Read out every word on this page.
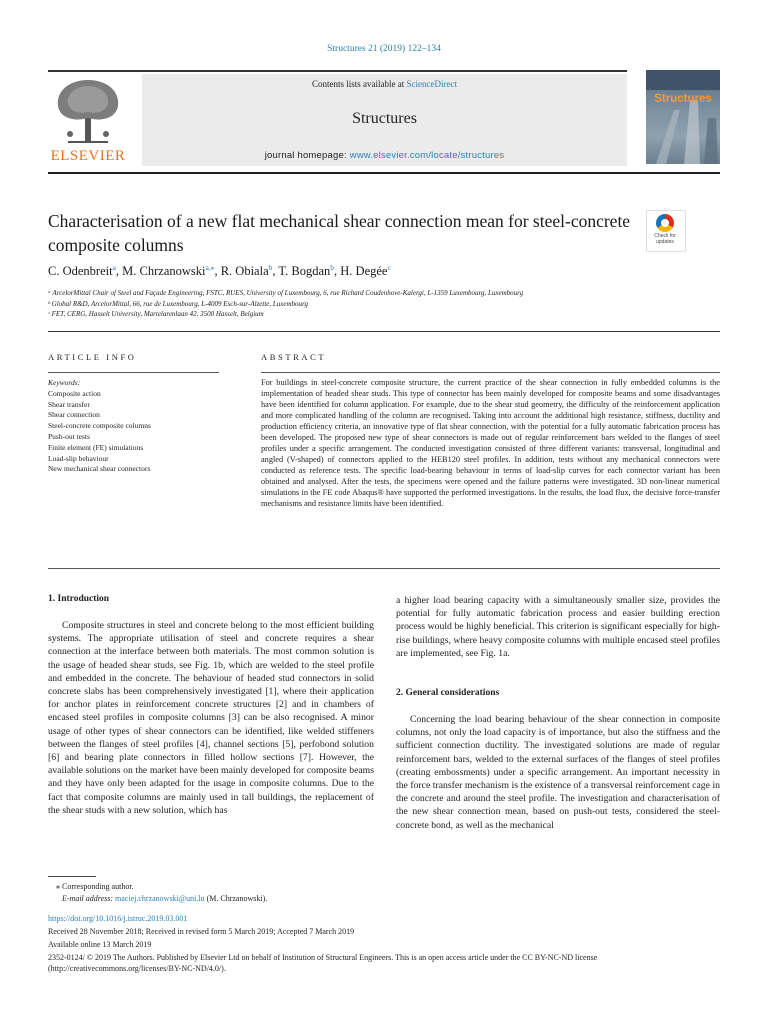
Structures 21 (2019) 122–134
ELSEVIER
Contents lists available at ScienceDirect
Structures
journal homepage: www.elsevier.com/locate/structures
Structures
Characterisation of a new flat mechanical shear connection mean for steel-concrete composite columns	Check for updates
C. Odenbreit$^a$, M. Chrzanowski$^{a,⁎}$, R. Obiala$^b$, T. Bogdan$^b$, H. Degée$^c$
ᵃ ArcelorMittal Chair of Steel and Façade Engineering, FSTC, RUES, University of Luxembourg, 6, rue Richard Coudenhove-Kalergi, L-1359 Luxembourg, Luxembourg
ᵇ Global R&D, ArcelorMittal, 66, rue de Luxembourg, L-4009 Esch-sur-Alzette, Luxembourg
ᶜ FET, CERG, Hasselt University, Martelarenlaan 42, 3500 Hasselt, Belgium
ARTICLE INFO
Keywords:
Composite action
Shear transfer
Shear connection
Steel-concrete composite columns
Push-out tests
Finite element (FE) simulations
Load-slip behaviour
New mechanical shear connectors
ABSTRACT
For buildings in steel-concrete composite structure, the current practice of the shear connection in fully embedded columns is the implementation of headed shear studs. This type of connector has been mainly developed for composite beams and some disadvantages have been identified for column application. For example, due to the shear stud geometry, the difficulty of the reinforcement application and more complicated handling of the column are recognised. Taking into account the additional high resistance, stiffness, ductility and production efficiency criteria, an innovative type of flat shear connection, with the potential for a fully automatic fabrication process has been developed. The proposed new type of shear connectors is made out of regular reinforcement bars welded to the flanges of steel profiles under a specific arrangement. The conducted investigation consisted of three different variants: transversal, longitudinal and angled (V-shaped) of connectors applied to the HEB120 steel profiles. In addition, tests without any mechanical connectors were conducted as reference tests. The specific load-bearing behaviour in terms of load-slip curves for each connector variant has been obtained and analysed. After the tests, the specimens were opened and the failure patterns were investigated. 3D non-linear numerical simulations in the FE code Abaqus® have supported the performed investigations. In the results, the load flux, the decisive force-transfer mechanisms and resistance limits have been identified.
1. Introduction

Composite structures in steel and concrete belong to the most efficient building systems. The appropriate utilisation of steel and concrete requires a shear connection at the interface between both materials. The most common solution is the usage of headed shear studs, see Fig. 1b, which are welded to the steel profile and embedded in the concrete. The behaviour of headed stud connectors in solid concrete slabs has been comprehensively investigated [1], where their application for anchor plates in reinforcement concrete structures [2] and in chambers of encased steel profiles in composite columns [3] can be also recognised. A minor usage of other types of shear connectors can be identified, like welded stiffeners between the flanges of steel profiles [4], channel sections [5], perfobond solution [6] and bearing plate connectors in filled hollow sections [7]. However, the available solutions on the market have been mainly developed for composite beams and they have only been adapted for the usage in composite columns. Due to the fact that composite columns are mainly used in tall buildings, the replacement of the shear studs with a new solution, which has

a higher load bearing capacity with a simultaneously smaller size, provides the potential for fully automatic fabrication process and easier building erection process would be highly beneficial. This criterion is significant especially for high-rise buildings, where heavy composite columns with multiple encased steel profiles are implemented, see Fig. 1a.

2. General considerations

Concerning the load bearing behaviour of the shear connection in composite columns, not only the load capacity is of importance, but also the stiffness and the sufficient connection ductility. The investigated solutions are made of regular reinforcement bars, welded to the external surfaces of the flanges of steel profiles (creating embossments) under a specific arrangement. An important necessity in the force transfer mechanism is the existence of a transversal reinforcement cage in the concrete and around the steel profile. The investigation and characterisation of the new shear connection mean, based on push-out tests, considered the steel-concrete bond, as well as the mechanical

⁎ Corresponding author.
E-mail address: maciej.chrzanowski@uni.lu (M. Chrzanowski).
https://doi.org/10.1016/j.istruc.2019.03.001
Received 28 November 2018; Received in revised form 5 March 2019; Accepted 7 March 2019
Available online 13 March 2019
2352-0124/ © 2019 The Authors. Published by Elsevier Ltd on behalf of Institution of Structural Engineers. This is an open access article under the CC BY-NC-ND license (http://creativecommons.org/licenses/BY-NC-ND/4.0/).
